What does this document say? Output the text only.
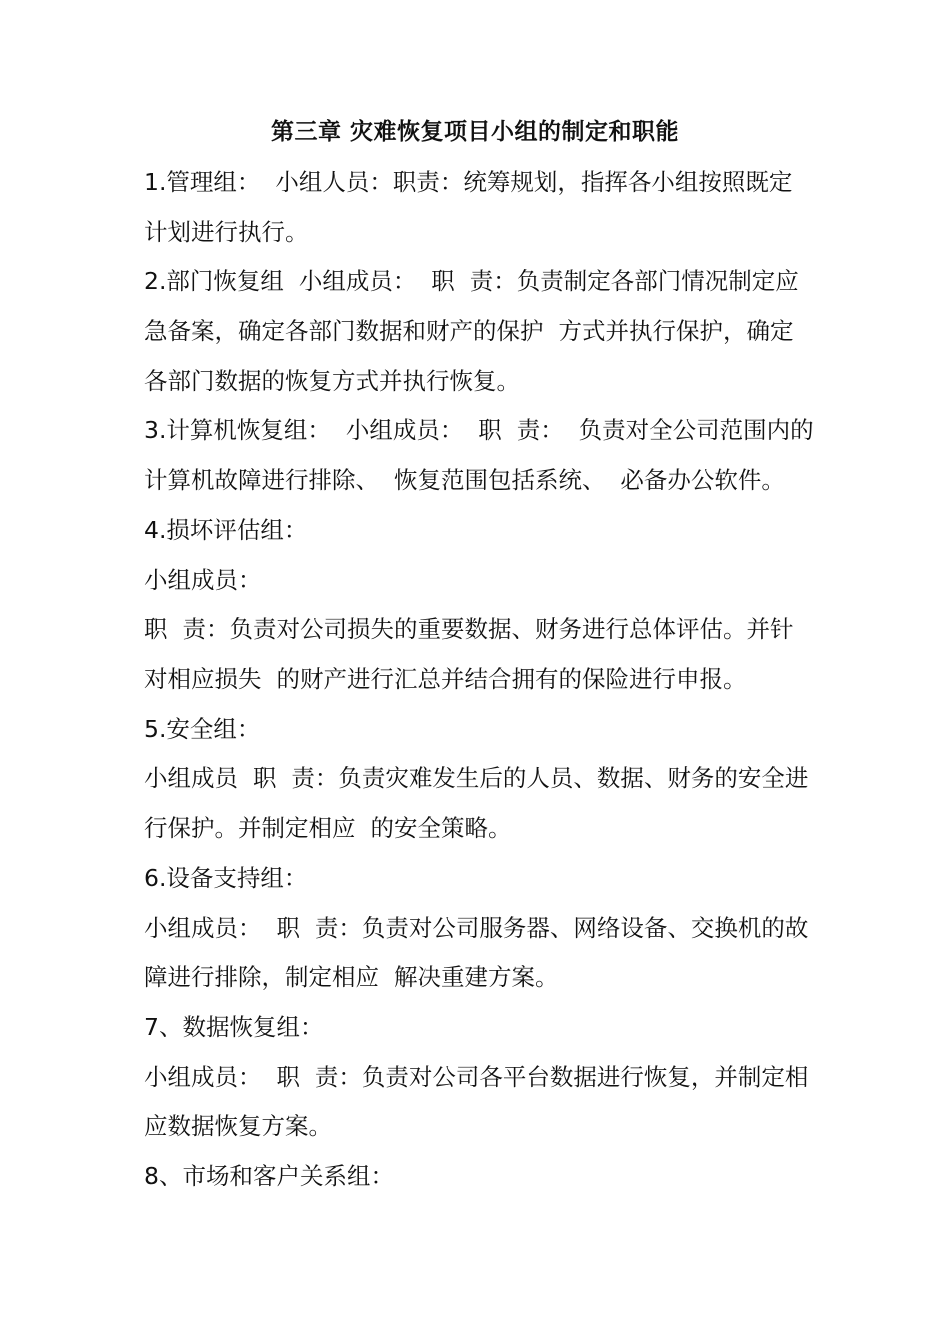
第三章 灾难恢复项目小组的制定和职能
1.管理组：  小组人员：职责：统筹规划，指挥各小组按照既定
计划进行执行。
2.部门恢复组  小组成员：  职  责：负责制定各部门情况制定应
急备案，确定各部门数据和财产的保护  方式并执行保护，确定
各部门数据的恢复方式并执行恢复。
3.计算机恢复组：  小组成员：  职  责：  负责对全公司范围内的
计算机故障进行排除、  恢复范围包括系统、  必备办公软件。
4.损坏评估组：
小组成员：
职  责：负责对公司损失的重要数据、财务进行总体评估。并针
对相应损失  的财产进行汇总并结合拥有的保险进行申报。
5.安全组：
小组成员  职  责：负责灾难发生后的人员、数据、财务的安全进
行保护。并制定相应  的安全策略。
6.设备支持组：
小组成员：  职  责：负责对公司服务器、网络设备、交换机的故
障进行排除，制定相应  解决重建方案。
7、数据恢复组：
小组成员：  职  责：负责对公司各平台数据进行恢复，并制定相
应数据恢复方案。
8、市场和客户关系组：
